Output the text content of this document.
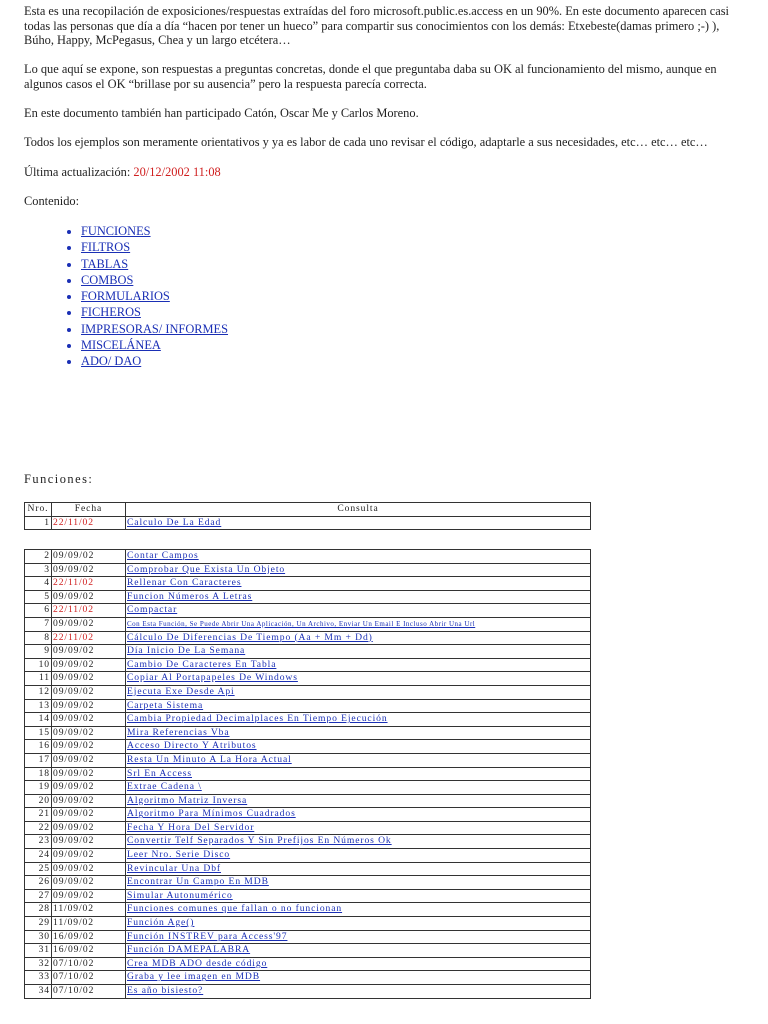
Esta es una recopilación de exposiciones/respuestas extraídas del foro microsoft.public.es.access en un 90%. En este documento aparecen casi todas las personas que día a día “hacen por tener un hueco” para compartir sus conocimientos con los demás: Etxebeste(damas primero ;-) ), Búho, Happy, McPegasus, Chea y un largo etcétera…

Lo que aquí se expone, son respuestas a preguntas concretas, donde el que preguntaba daba su OK al funcionamiento del mismo, aunque en algunos casos el OK “brillase por su ausencia” pero la respuesta parecía correcta.

En este documento también han participado Catón, Oscar Me y Carlos Moreno.

Todos los ejemplos son meramente orientativos y ya es labor de cada uno revisar el código, adaptarle a sus necesidades, etc… etc… etc…

Última actualización: 20/12/2002 11:08

Contenido:

• FUNCIONES
• FILTROS
• TABLAS
• COMBOS
• FORMULARIOS
• FICHEROS
• IMPRESORAS/ INFORMES
• MISCELÁNEA
• ADO/ DAO
Funciones:
Nro.	Fecha	Consulta
1	22/11/02	Calculo De La Edad
2	09/09/02	Contar Campos
3	09/09/02	Comprobar Que Exista Un Objeto
4	22/11/02	Rellenar Con Caracteres
5	09/09/02	Funcion Números A Letras
6	22/11/02	Compactar
7	09/09/02	Con Esta Función, Se Puede Abrir Una Aplicación, Un Archivo, Enviar Un Email E Incluso Abrir Una Url
8	22/11/02	Cálculo De Diferencias De Tiempo (Aa + Mm + Dd)
9	09/09/02	Día Inicio De La Semana
10	09/09/02	Cambio De Caracteres En Tabla
11	09/09/02	Copiar Al Portapapeles De Windows
12	09/09/02	Ejecuta Exe Desde Api
13	09/09/02	Carpeta Sistema
14	09/09/02	Cambia Propiedad Decimalplaces En Tiempo Ejecución
15	09/09/02	Mira Referencias Vba
16	09/09/02	Acceso Directo Y Atributos
17	09/09/02	Resta Un Minuto A La Hora Actual
18	09/09/02	Srl En Access
19	09/09/02	Extrae Cadena \
20	09/09/02	Algoritmo Matriz Inversa
21	09/09/02	Algoritmo Para Mínimos Cuadrados
22	09/09/02	Fecha Y Hora Del Servidor
23	09/09/02	Convertir Telf Separados Y Sin Prefijos En Números Ok
24	09/09/02	Leer Nro. Serie Disco
25	09/09/02	Revincular Una Dbf
26	09/09/02	Encontrar Un Campo En MDB
27	09/09/02	Simular Autonumérico
28	11/09/02	Funciones comunes que fallan o no funcionan
29	11/09/02	Función Age()
30	16/09/02	Función INSTREV para Access'97
31	16/09/02	Función DAMEPALABRA
32	07/10/02	Crea MDB ADO desde código
33	07/10/02	Graba y lee imagen en MDB
34	07/10/02	Es año bisiesto?
